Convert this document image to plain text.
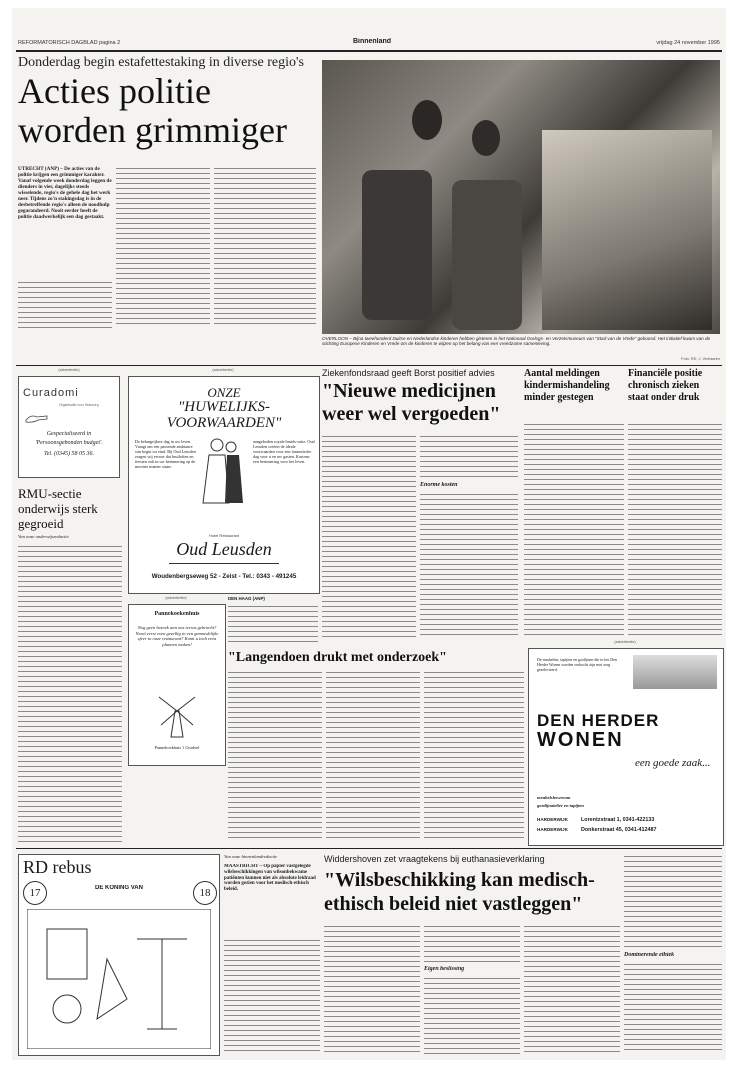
REFORMATORISCH DAGBLAD pagina 2	Binnenland	vrijdag 24 november 1995
Donderdag begin estafettestaking in diverse regio's
Acties politie worden grimmiger
UTRECHT (ANP) – De acties van de politie krijgen een grimmiger karakter. Vanaf volgende week donderdag leggen de dienders in vier, dagelijks steeds wisselende, regio's de gehele dag het werk neer. Tijdens zo'n stakingsdag is in de desbetreffende regio's alleen de noodhulp gegarandeerd. Nooit eerder heeft de politie daadwerkelijk een dag gestaakt.
OVERLOON – Bijna tweehonderd Duitse en Nederlandse kinderen hebben gisteren in het Nationaal Oorlogs- en Verzetsmuseum van "Stad van de Vrede" geboosd. Het initiatief kwam van de stichting Europese Kinderen en Vrede om de kinderen te wijzen op het belang van een vreedzame samenleving.
Foto: RD, J. Verhaaren
(advertentie)
Curadomi
Organisatie voor thuiszorg
Gespecialiseerd in
'Persoonsgebonden budget'.
Tel. (0345) 58 05 36.
RMU-sectie onderwijs sterk gegroeid
Van onze onderwijsredactie
(advertentie)
ONZE
"HUWELIJKS-
VOORWAARDEN"
De belangrijkste dag in uw leven. Vraagt om een passende ambiance van begin tot eind. Bij Oud Leusden zorgen wij ervoor dat bruiloften en feesten ook in uw herinnering op de mooiste manier staan.
aangeboden royale bruids-suite. Oud Leusden creëert de ideale voorwaarden voor een fantastische dag voor u en uw gasten. Kortom: een herinnering voor het leven.
Hotel Restaurant
Oud Leusden
Woudenbergseweg 52 - Zeist - Tel.: 0343 - 491245
(advertentie)
Pannekoekenhuis
Nog geen bezoek aan ons terras gebracht? Nooit eerst even gezellig in een gemoedelijke sfeer in onze restaurant? Komt u toch eens plannen maken!
Pannekoekhuis 't Oordeel
DEN HAAG (ANP)
"Langendoen drukt met onderzoek"
Ziekenfondsraad geeft Borst positief advies
"Nieuwe medicijnen weer wel vergoeden"
Enorme kosten
Aantal meldingen kindermishandeling minder gestegen
Financiële positie chronisch zieken staat onder druk
(advertentie)
De meubelen, tapijten en gordijnen die in het Den Herder Wonen worden verkocht zijn met zorg geselecteerd.
DEN HERDER
WONEN
een goede zaak...
meubelshowroom
gordijnatelier en tapijten
HARDERWIJK	Lorentzstraat 1, 0341-422133
HARDERWIJK	Donkerstraat 45, 0341-412487
RD rebus
17	DE KONING VAN	18
Van onze binnenlandredactie
MAASTRICHT – Op papier vastgelegde wilsbeschikkingen van wilsonbekwame patiënten kunnen niet als absolute leidraad worden gezien voor het medisch-ethisch beleid.
Widdershoven zet vraagtekens bij euthanasieverklaring
"Wilsbeschikking kan medisch-ethisch beleid niet vastleggen"
Eigen beslissing
Dominerende ethiek
